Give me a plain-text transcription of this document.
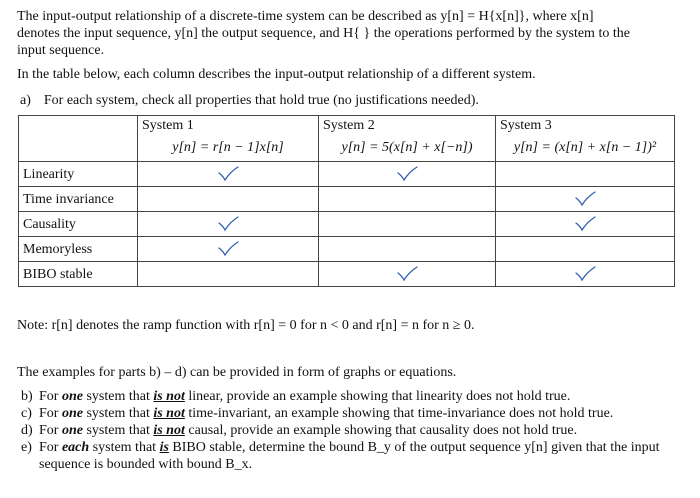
The input-output relationship of a discrete-time system can be described as y[n] = H{x[n]}, where x[n]
denotes the input sequence, y[n] the output sequence, and H{ } the operations performed by the system to the
input sequence.
In the table below, each column describes the input-output relationship of a different system.
a) For each system, check all properties that hold true (no justifications needed).
	System 1	System 2	System 3
	y[n] = r[n − 1]x[n]	y[n] = 5(x[n] + x[−n])	y[n] = (x[n] + x[n − 1])²
Linearity	

Time invariance			

Causality	

Memoryless	

BIBO stable		

Note: r[n] denotes the ramp function with r[n] = 0 for n < 0 and r[n] = n for n ≥ 0.
The examples for parts b) – d) can be provided in form of graphs or equations.
b) For one system that is not linear, provide an example showing that linearity does not hold true.
c) For one system that is not time-invariant, an example showing that time-invariance does not hold true.
d) For one system that is not causal, provide an example showing that causality does not hold true.
e) For each system that is BIBO stable, determine the bound B_y of the output sequence y[n] given that the input sequence is bounded with bound B_x.
